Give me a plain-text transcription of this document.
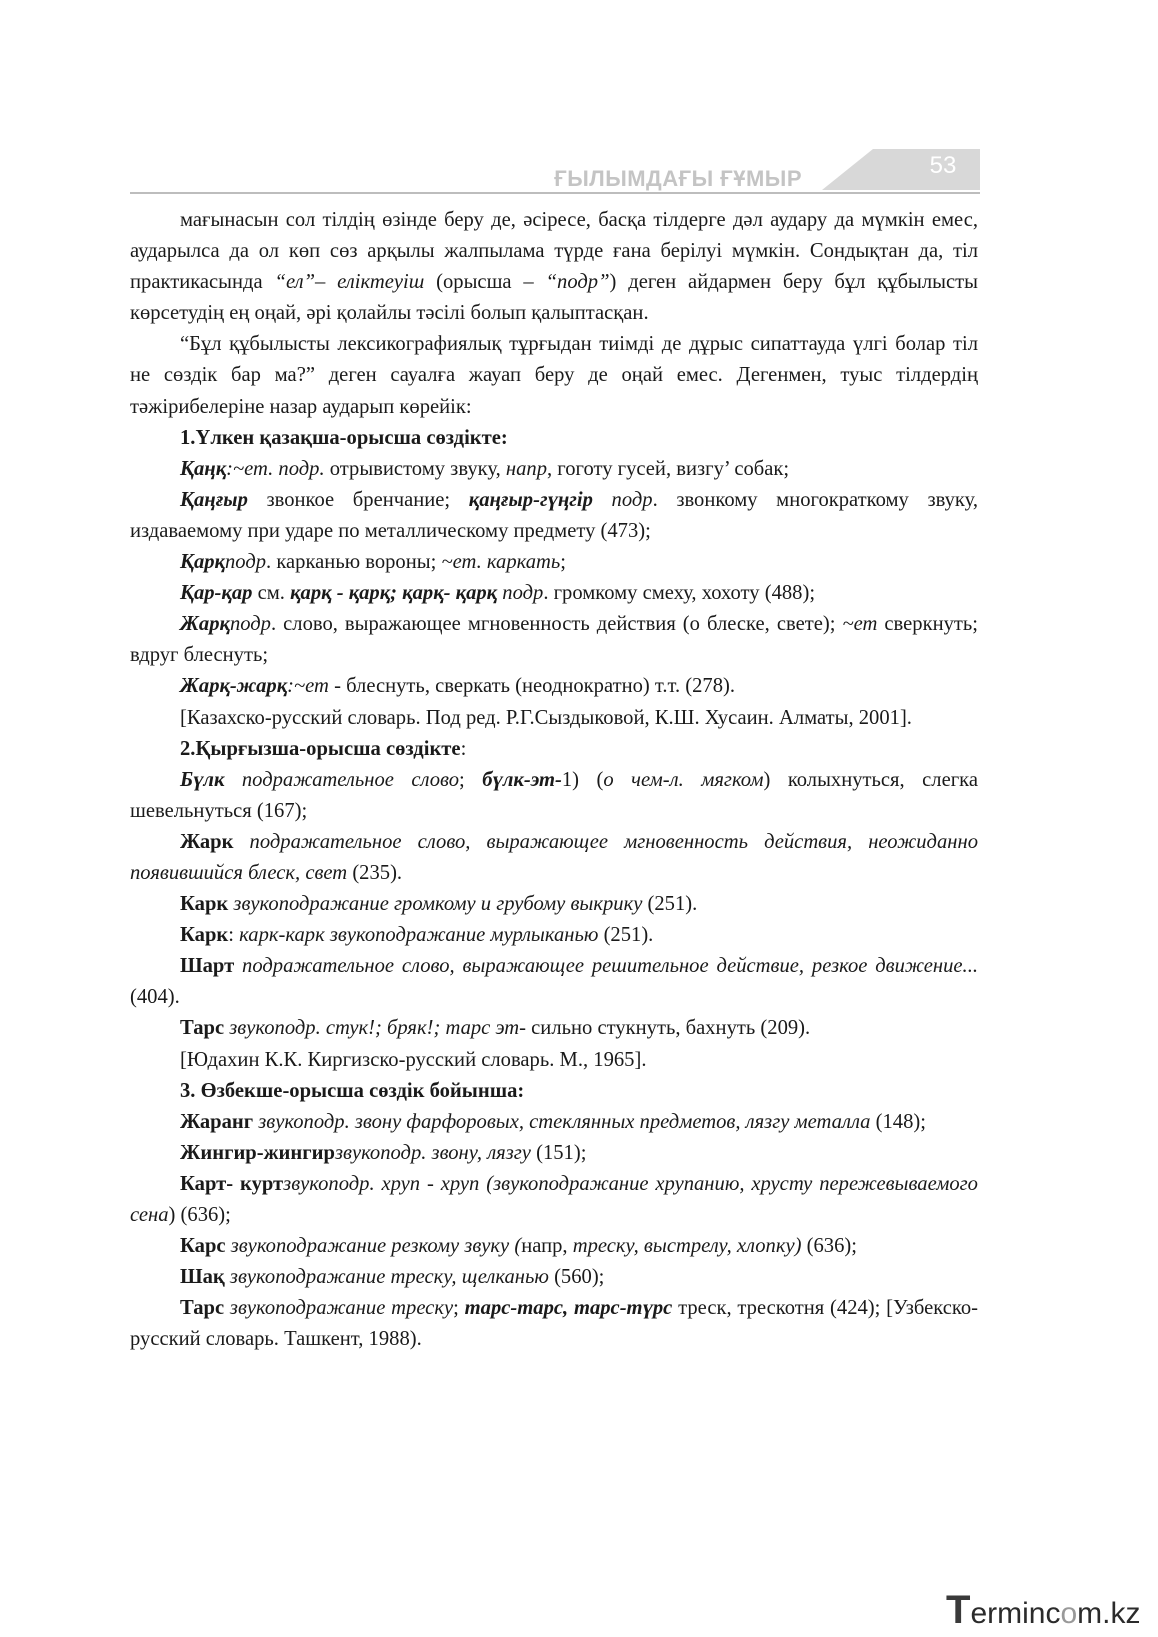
ҒЫЛЫМДАҒЫ ҒҰМЫР	53

мағынасын сол тілдің өзінде беру де, әсіресе, басқа тілдерге дәл аудару да мүмкін емес, аударылса да ол көп сөз арқылы жалпылама түрде ғана берілуі мүмкін. Сондықтан да, тіл практикасында “ел”– еліктеуіш (орысша – “подр”) деген айдармен беру бұл құбылысты көрсетудің ең оңай, әрі қолайлы тәсілі болып қалыптасқан.

“Бұл құбылысты лексикографиялық тұрғыдан тиімді де дұрыс сипаттауда үлгі болар тіл не сөздік бар ма?” деген сауалға жауап беру де оңай емес. Дегенмен, туыс тілдердің тәжірибелеріне назар аударып көрейік:

1.Үлкен қазақша-орысша сөздікте:

Қаңқ:~ет. подр. отрывистому звуку, напр, гоготу гусей, визгу’ собак;

Қаңғыр звонкое бренчание; қаңғыр-гүңгір подр. звонкому многократкому звуку, издаваемому при ударе по металлическому предмету (473);

Қарқподр. карканью вороны; ~ет. каркать;

Қар-қар см. қарқ - қарқ; қарқ- қарқ подр. громкому смеху, хохоту (488);

Жарқподр. слово, выражающее мгновенность действия (о блеске, свете); ~ет сверкнуть; вдруг блеснуть;

Жарқ-жарқ:~ет - блеснуть, сверкать (неоднократно) т.т. (278).

[Казахско-русский словарь. Под ред. Р.Г.Сыздыковой, К.Ш. Хусаин. Алматы, 2001].

2.Қырғызша-орысша сөздікте:

Бүлк подражательное слово; бүлк-эт-1) (о чем-л. мягком) колыхнуться, слегка шевельнуться (167);

Жарк подражательное слово, выражающее мгновенность действия, неожиданно появившийся блеск, свет (235).

Карк звукоподражание громкому и грубому выкрику (251).

Карк: карк-карк звукоподражание мурлыканью (251).

Шарт подражательное слово, выражающее решительное действие, резкое движение... (404).

Тарс звукоподр. стук!; бряк!; тарс эт- сильно стукнуть, бахнуть (209).

[Юдахин К.К. Киргизско-русский словарь. М., 1965].

3. Өзбекше-орысша сөздік бойынша:

Жаранг звукоподр. звону фарфоровых, стеклянных предметов, лязгу металла (148);

Жингир-жингирзвукоподр. звону, лязгу (151);

Карт- куртзвукоподр. хруп - хруп (звукоподражание хрупанию, хрусту пережевываемого сена) (636);

Карс звукоподражание резкому звуку (напр, треску, выстрелу, хлопку) (636);

Шақ звукоподражание треску, щелканью (560);

Тарс звукоподражание треску; тарс-тарс, тарс-түрс треск, трескотня (424); [Узбекско-русский словарь. Ташкент, 1988).

Termincom.kz
